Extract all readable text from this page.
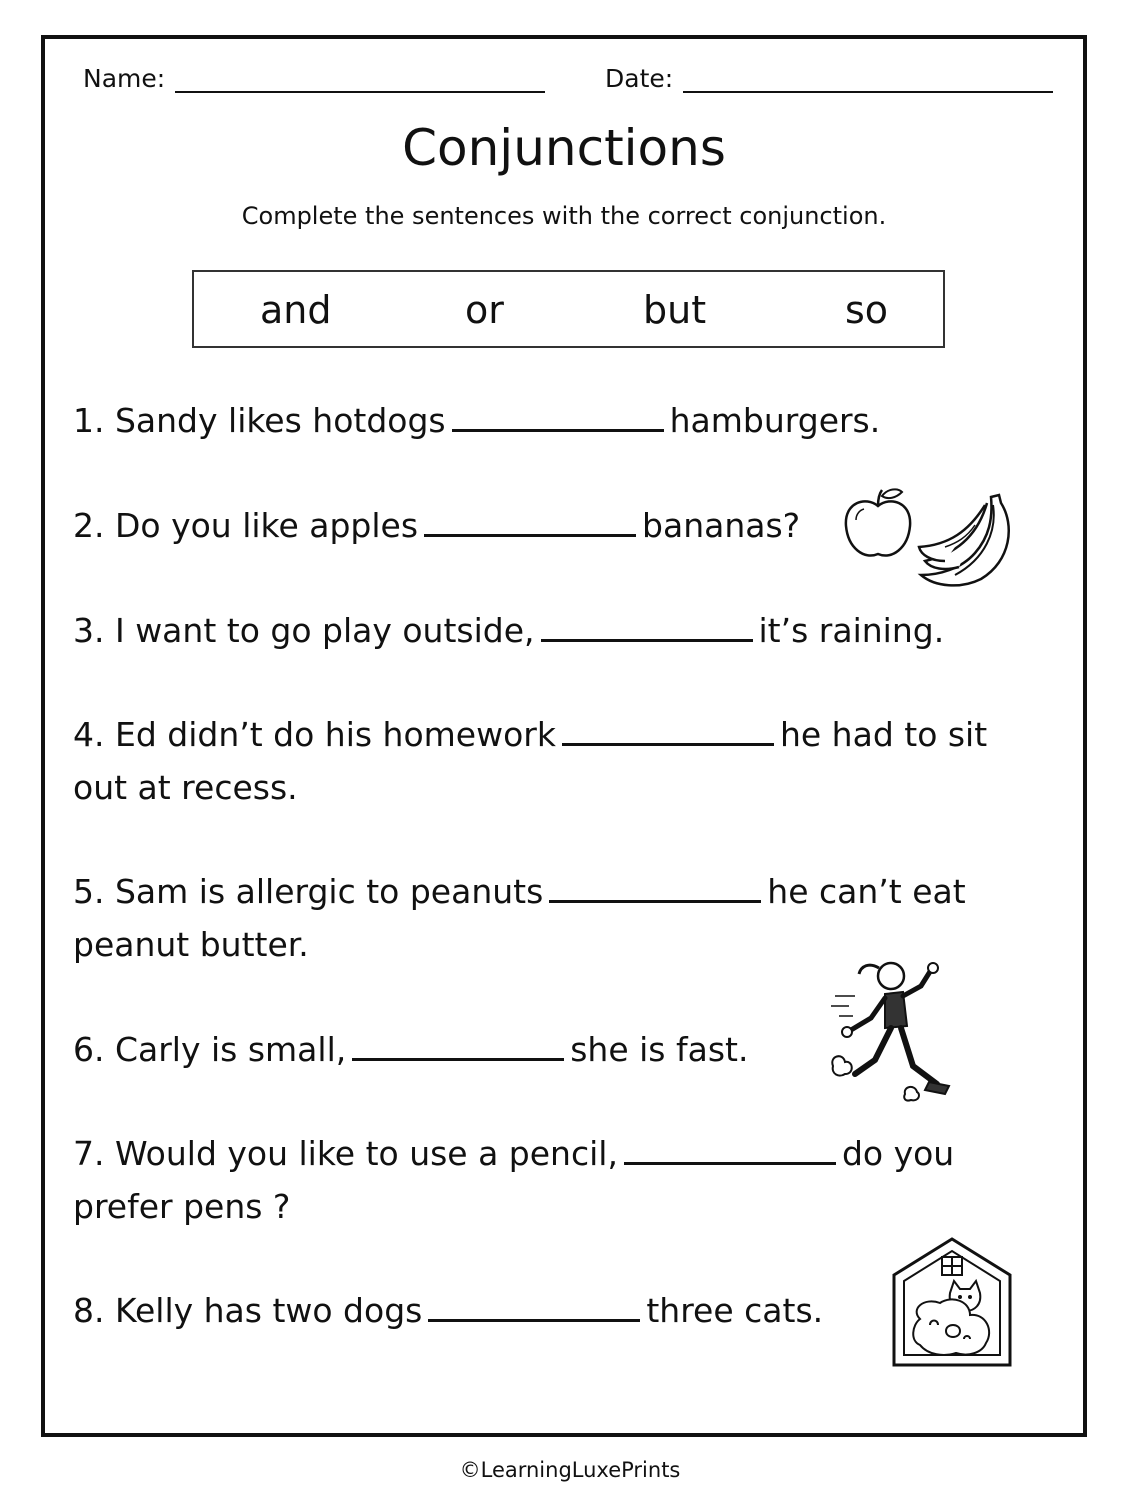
Name:	Date:
Conjunctions
Complete the sentences with the correct conjunction.
and	or	but	so
1. Sandy likes hotdogs	hamburgers.
2. Do you like apples	bananas?
3. I want to go play outside,	it’s raining.
4. Ed didn’t do his homework	he had to sit
out at recess.
5. Sam is allergic to peanuts	he can’t eat
peanut butter.
6. Carly is small,	she is fast.
7. Would you like to use a pencil,	do you
prefer pens ?
8. Kelly has two dogs	three cats.
©LearningLuxePrints
